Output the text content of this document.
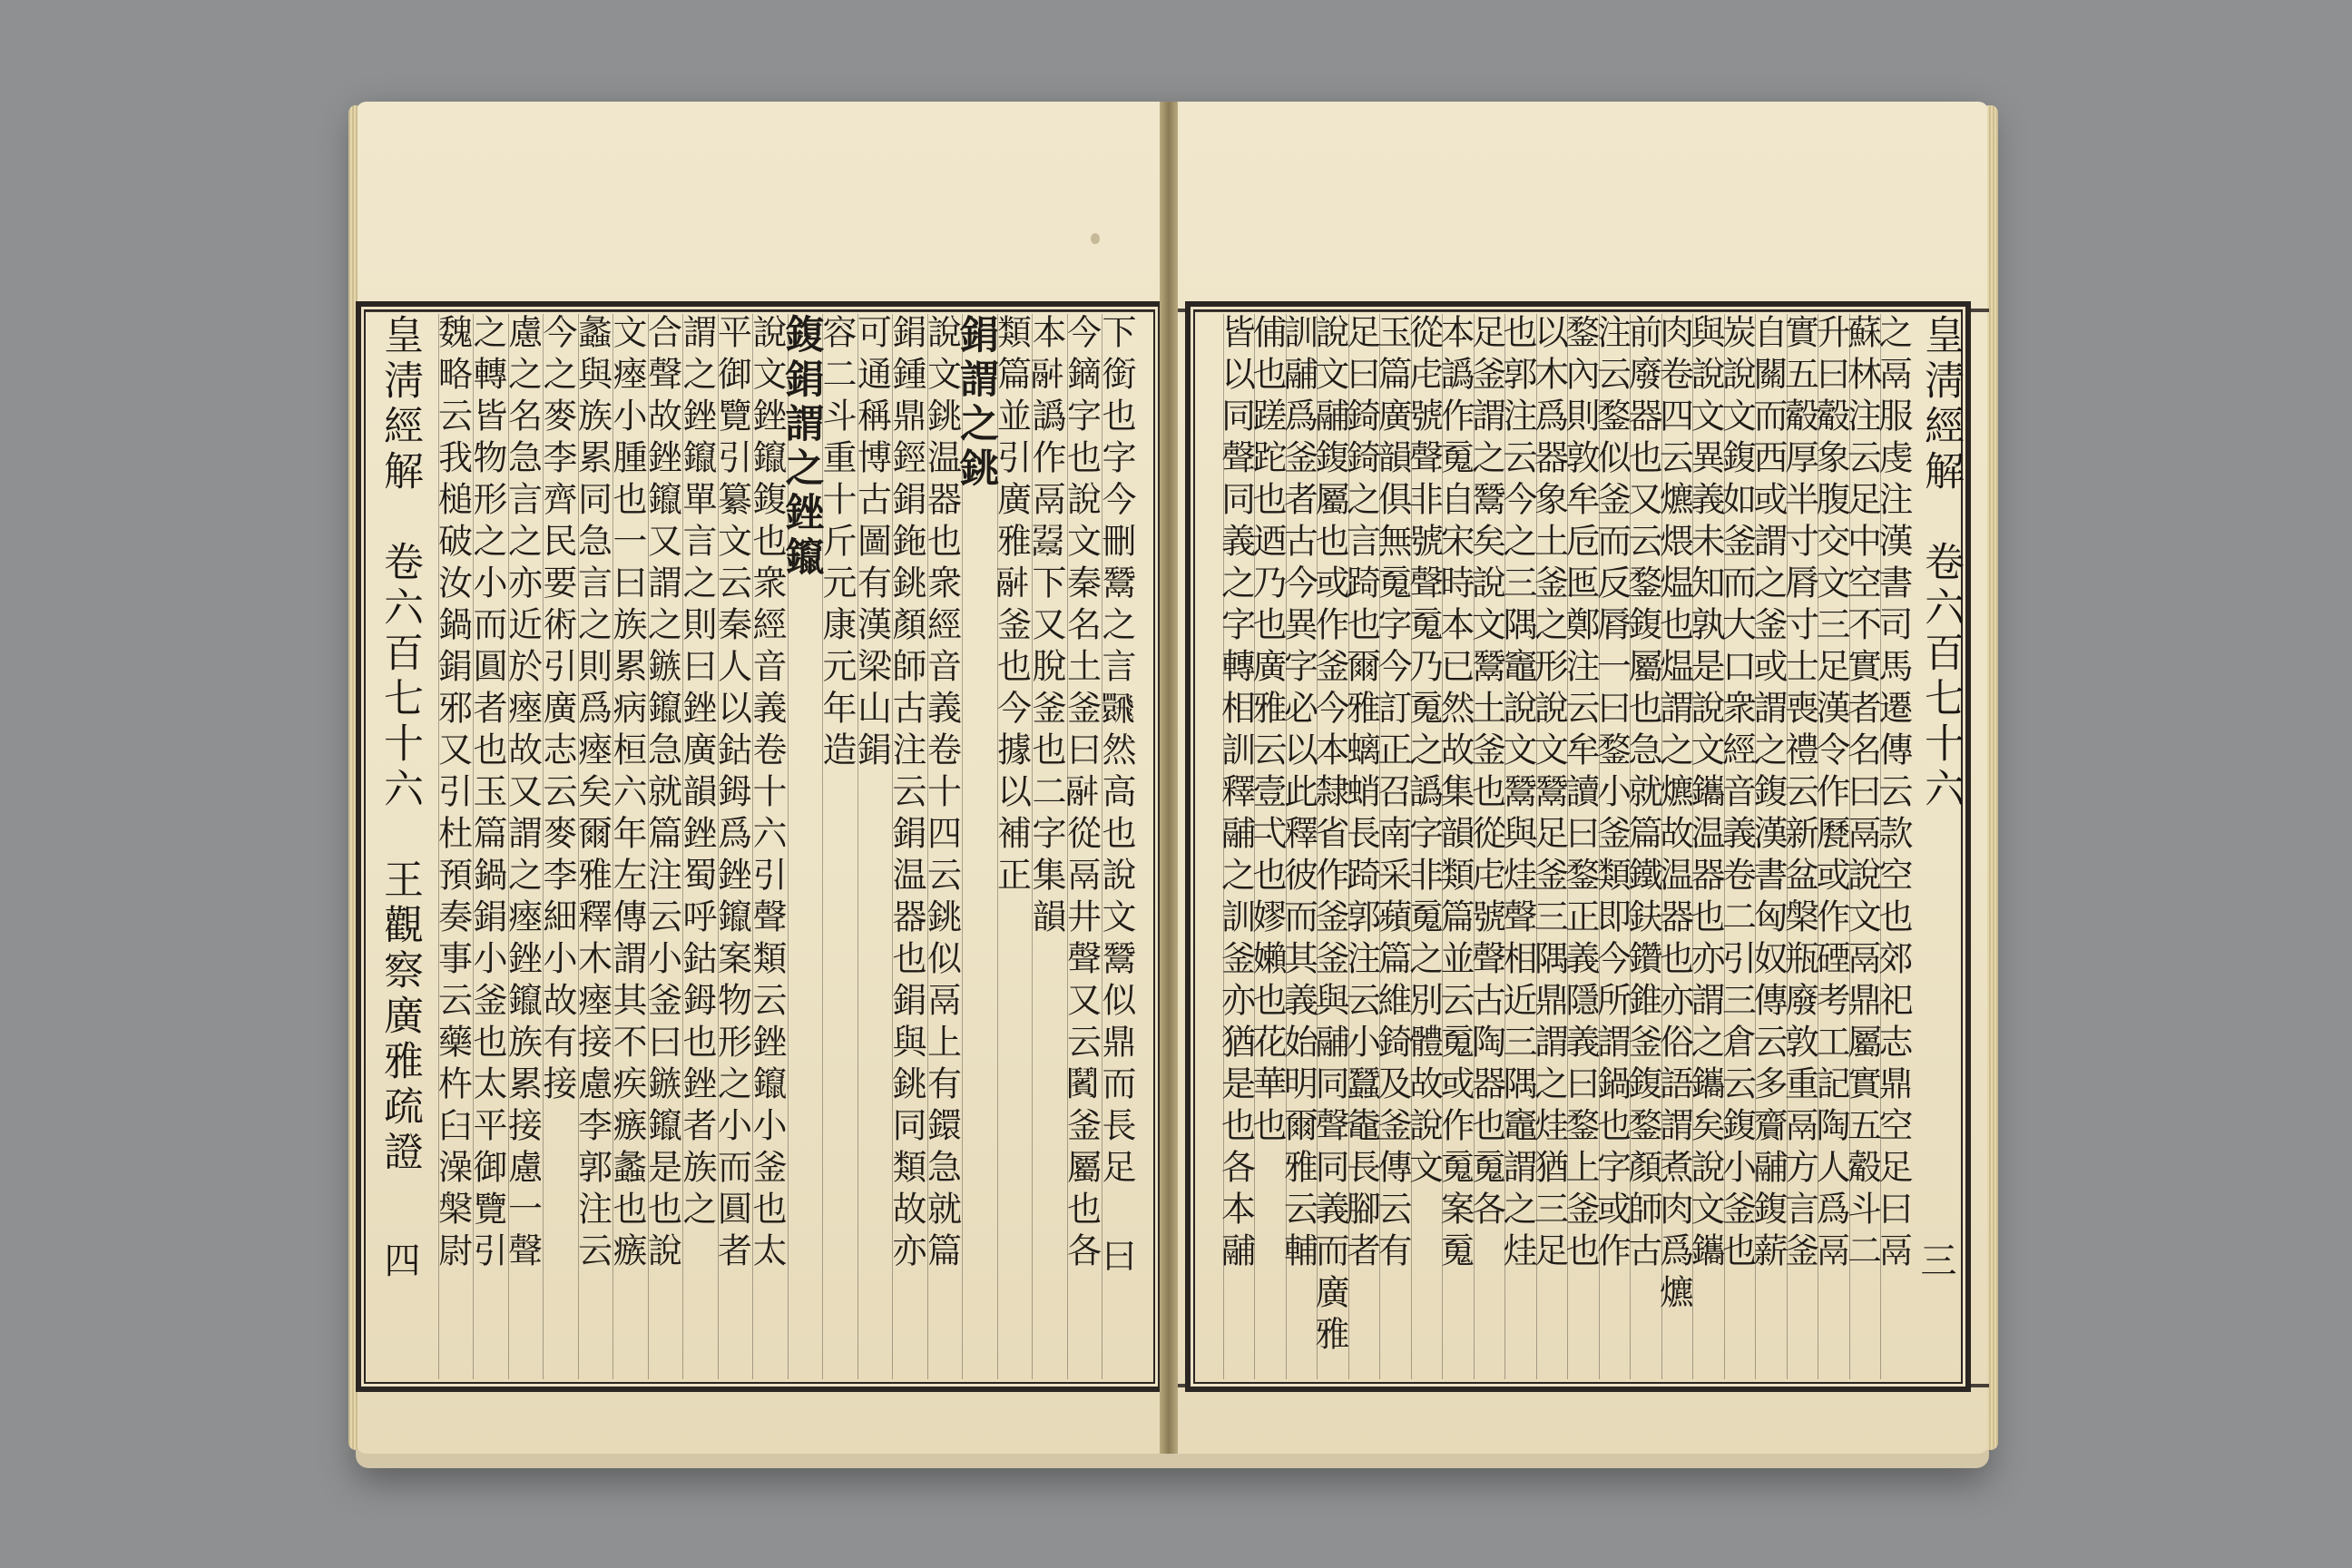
皇淸經解　卷六百七十六　王觀察廣雅疏證
四	下銜也字今刪鬵之言𩙽然高也說文鬵似鼎而長足 曰
今鏑字也說文秦名土釜曰𩰫從鬲井聲又云𩰗釜屬也各
本𩰫譌作鬲𩰲下又脫釜也二字集韻
類篇並引廣雅𩰫釜也今據以補正
鋗謂之銚
說文銚温器也衆經音義卷十四云銚似鬲上有鐶急就篇
鋗鍾鼎鋞鋗鉇銚顏師古注云鋗温器也鋗與銚同類故亦
可通稱博古圖有漢梁山鋗
容二斗重十斤元康元年造
鍑鋗謂之銼鑹
說文銼鑹鍑也衆經音義卷十六引聲類云銼鑹小釜也太
平御覽引纂文云秦人以鈷鉧爲銼鑹案物形之小而圓者
謂之銼鑹單言之則曰銼廣韻銼蜀呼鈷鉧也銼者族之
合聲故銼鑹又謂之鏃鑹急就篇注云小釜曰鏃鑹是也說
文瘞小腫也一曰族累病桓六年左傳謂其不疾瘯蠡也瘯
蠡與族累同急言之則爲瘞矣爾雅釋木瘞接慮李郭注云
今之麥李齊民要術引廣志云麥李細小故有接
慮之名急言之亦近於瘞故又謂之瘞銼鑹族累接慮一聲
之轉皆物形之小而圓者也玉篇鍋鋗小釜也太平御覽引
魏略云我槌破汝鍋鋗邪又引杜預奏事云藥杵臼澡槃尉	皇淸經解　卷六百七十六
三
之鬲服虔注漢書司馬遷傳云款空也郊祀志鼎空足曰鬲
蘇林注云足中空不實者名曰鬲說文鬲鼎屬實五觳斗二
升曰觳象腹交文三足漢令作㽁或作䃌考工記陶人爲鬲
實五觳厚半寸脣寸士喪禮云新盆槃瓶廢敦重鬲方言釜
自關而西或謂之釜或謂之鍑漢書匈奴傳云多齎鬴鍑薪
炭說文鍑如釜而大口衆經音義卷二引三倉云鍑小釜也
與說文異義未知孰是說文鑴温器也亦謂之鑴矣說文鑴
肉卷四云爊煨煴也煴謂之爊故温器也亦俗語謂煮肉爲爊
前廢器也又云鍪鍑屬也急就篇鐵鈇鑽錐釜鍑鍪顏師古
注云鍪似釜而反脣一曰鍪小釜類即今所謂鍋也字或作
鍪內則敦牟卮匜鄭注云牟讀曰鍪正義隱義曰鍪上釜也
以木爲器象土釜之形說文鬵足釜三隅鼎謂之烓猶三足
也郭注云今之三隅竈說文鬵與烓聲相近三隅竈謂之烓
足釜謂之鬵矣說文鬵土釜也從虍號聲古陶器也䰟各
本譌作䰟自宋時本已然故集韻類篇並云䰟或作䰟案䰟
從虍號聲非號聲䰟乃䰟之譌字非䰟之別體故說文
玉篇廣韻俱無䰟字今訂正召南采蘋篇維錡及釜傳云有
足曰錡錡之言踦也爾雅螭蛸長踦郭注云小蠶鼄長腳者
說文鬴鍑屬也或作釜今本隸省作釜釜與鬴同聲同義而廣雅
訓鬴爲釜者古今異字必以此釋彼而其義始明爾雅云輔
俌也蹉跎也迺乃也廣雅云壹弌也嫪嬾也花華也
皆以同聲同義之字轉相訓釋鬴之訓釜亦猶是也各本鬴
